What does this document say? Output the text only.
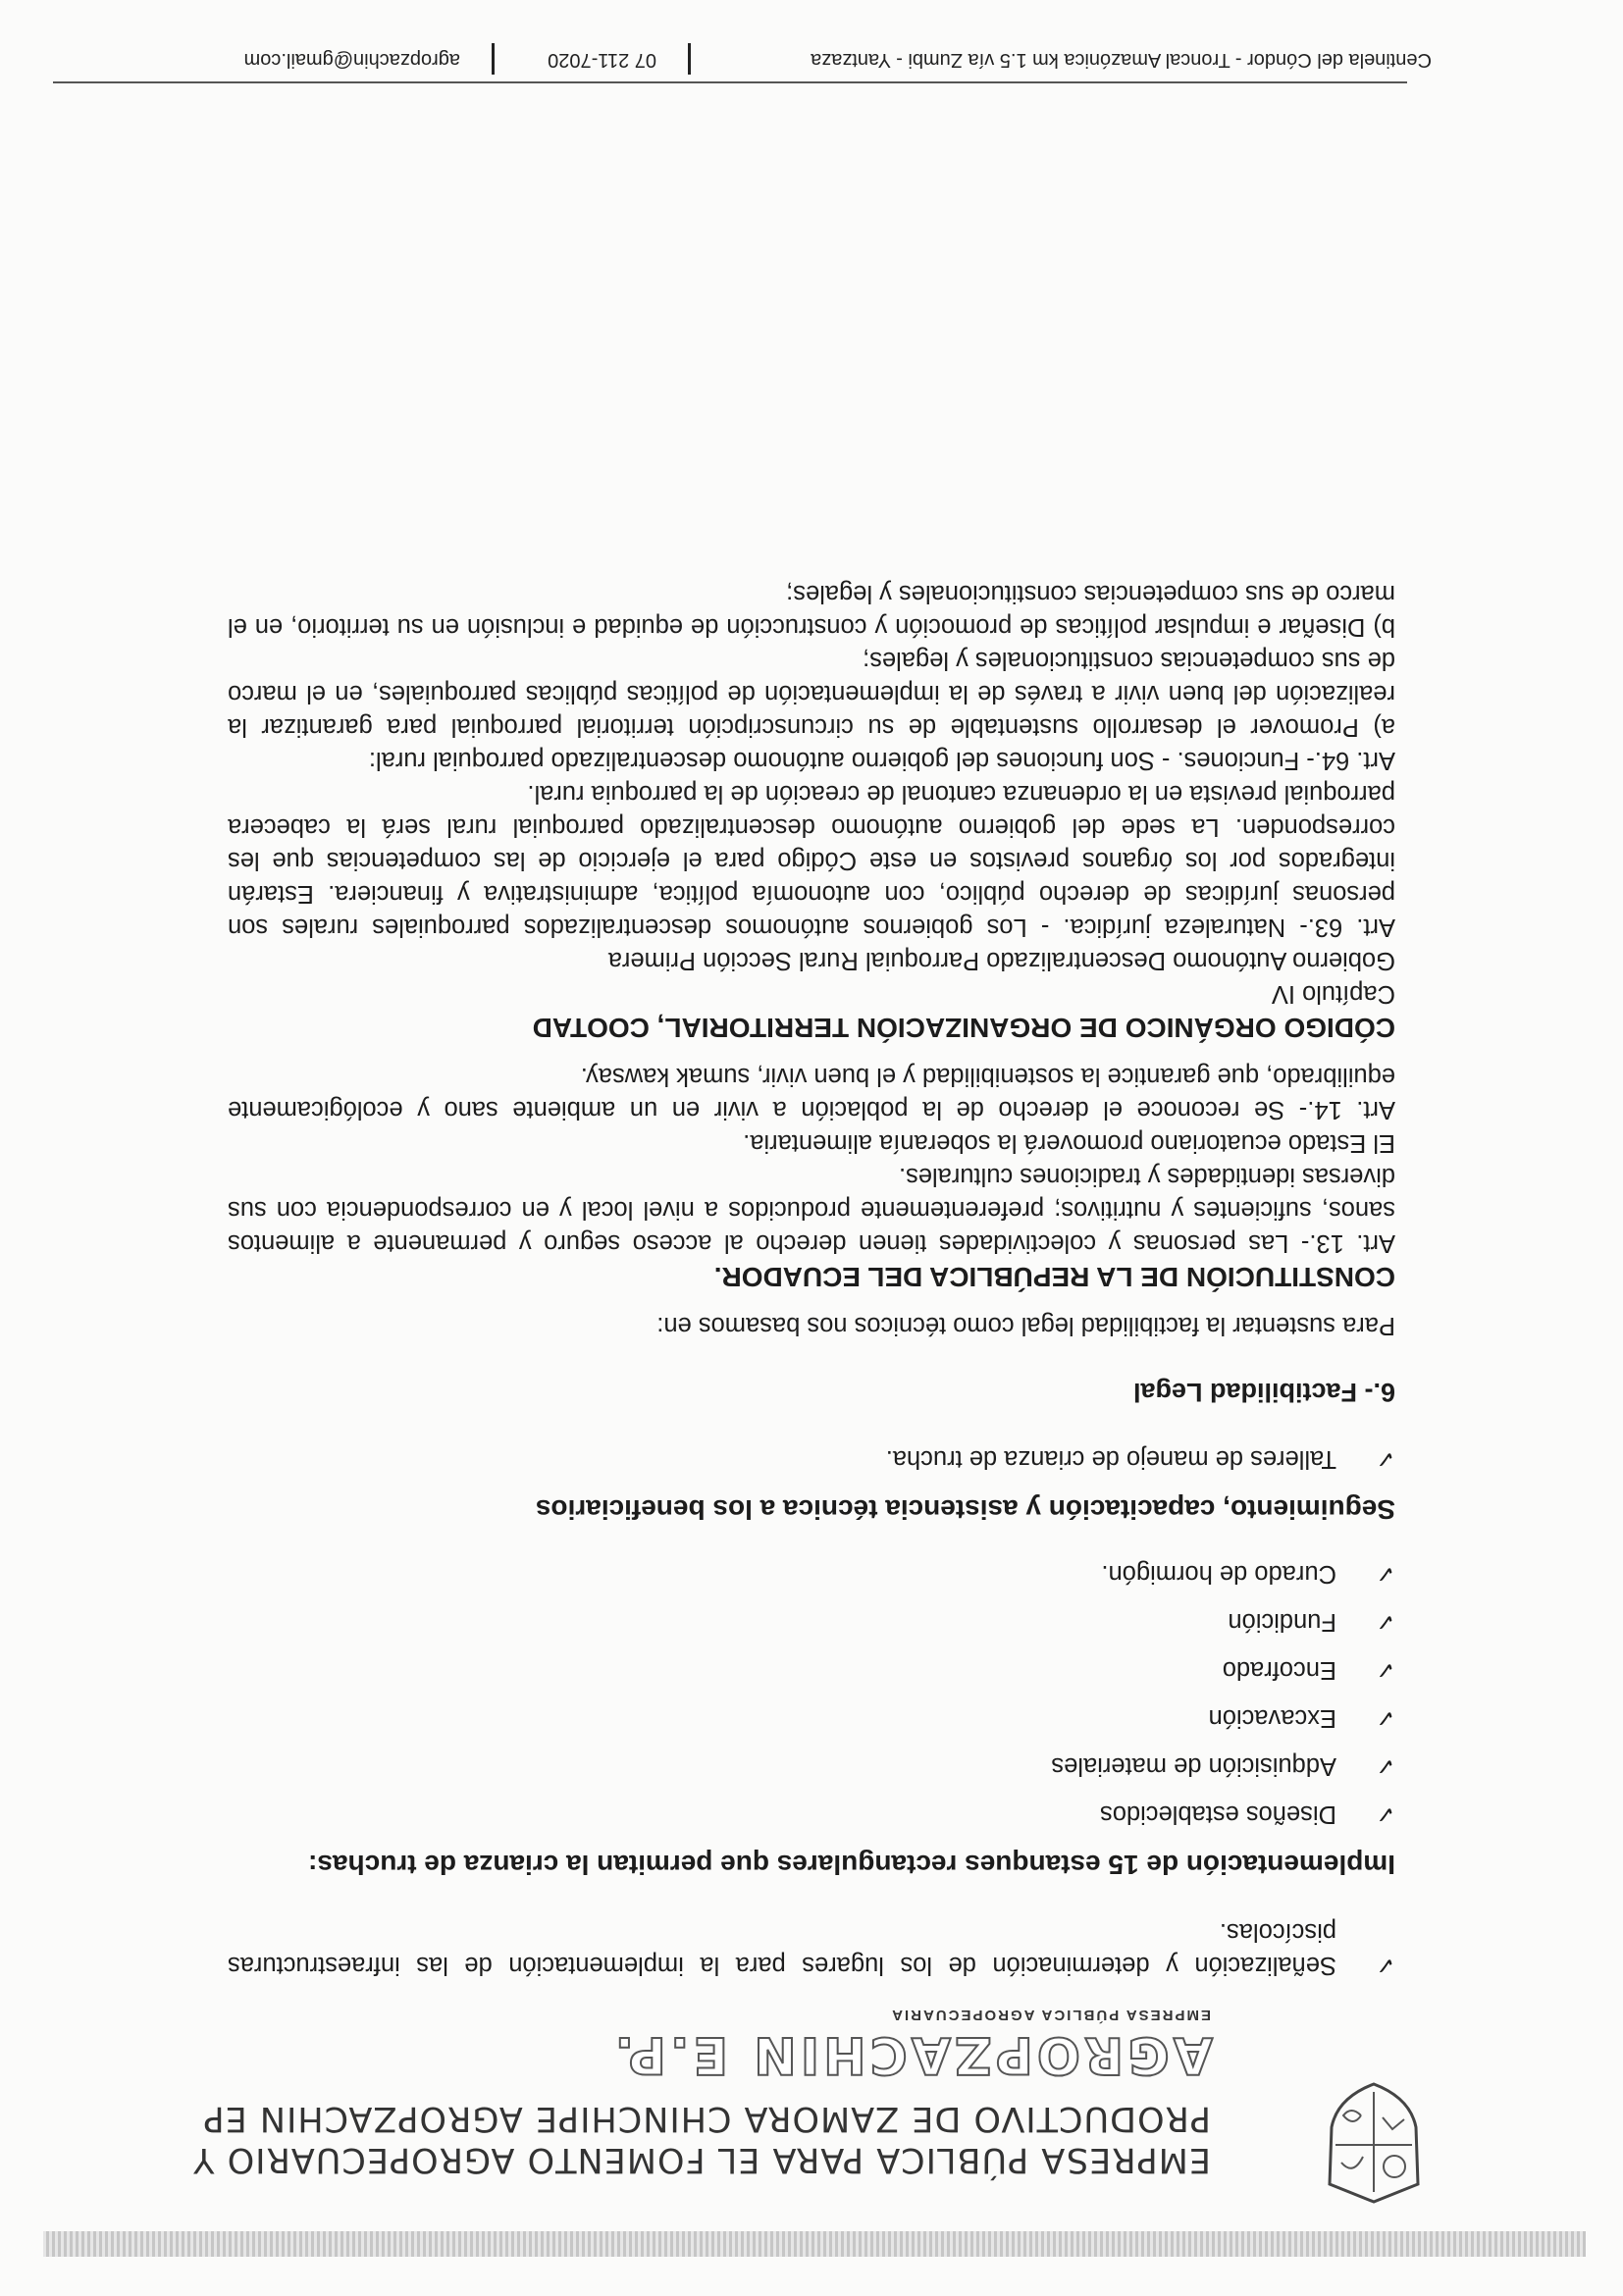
EMPRESA PÚBLICA PARA EL FOMENTO AGROPECUARIO Y
PRODUCTIVO DE ZAMORA CHINCHIPE AGROPZACHIN EP
AGROPZACHIN E.P.
EMPRESA PÚBLICA AGROPECUARIA

✓ Señalización y determinación de los lugares para la implementación de las infraestructuras piscícolas.

Implementación de 15 estanques rectangulares que permitan la crianza de truchas:

✓ Diseños establecidos

✓ Adquisición de materiales

✓ Excavación

✓ Encofrado

✓ Fundición

✓ Curado de hormigón.

Seguimiento, capacitación y asistencia técnica a los beneficiarios

✓ Talleres de manejo de crianza de trucha.

6.- Factibilidad Legal

Para sustentar la factibilidad legal como técnicos nos basamos en:

CONSTITUCIÓN DE LA REPÚBLICA DEL ECUADOR.

Art. 13.- Las personas y colectividades tienen derecho al acceso seguro y permanente a alimentos sanos, suficientes y nutritivos; preferentemente producidos a nivel local y en correspondencia con sus diversas identidades y tradiciones culturales.

El Estado ecuatoriano promoverá la soberanía alimentaria.

Art. 14.- Se reconoce el derecho de la población a vivir en un ambiente sano y ecológicamente equilibrado, que garantice la sostenibilidad y el buen vivir, sumak kawsay.

CÓDIGO ORGÁNICO DE ORGANIZACIÓN TERRITORIAL, COOTAD

Capítulo IV

Gobierno Autónomo Descentralizado Parroquial Rural Sección Primera

Art. 63.- Naturaleza jurídica. - Los gobiernos autónomos descentralizados parroquiales rurales son personas jurídicas de derecho público, con autonomía política, administrativa y financiera. Estarán integrados por los órganos previstos en este Código para el ejercicio de las competencias que les corresponden. La sede del gobierno autónomo descentralizado parroquial rural será la cabecera parroquial prevista en la ordenanza cantonal de creación de la parroquia rural.

Art. 64.- Funciones. - Son funciones del gobierno autónomo descentralizado parroquial rural:

a) Promover el desarrollo sustentable de su circunscripción territorial parroquial para garantizar la realización del buen vivir a través de la implementación de políticas públicas parroquiales, en el marco de sus competencias constitucionales y legales;

b) Diseñar e impulsar políticas de promoción y construcción de equidad e inclusión en su territorio, en el marco de sus competencias constitucionales y legales;

Centinela del Cóndor - Troncal Amazónica km 1.5 vía Zumbi - Yantzaza
07 211-7020
agropzachin@gmail.com
